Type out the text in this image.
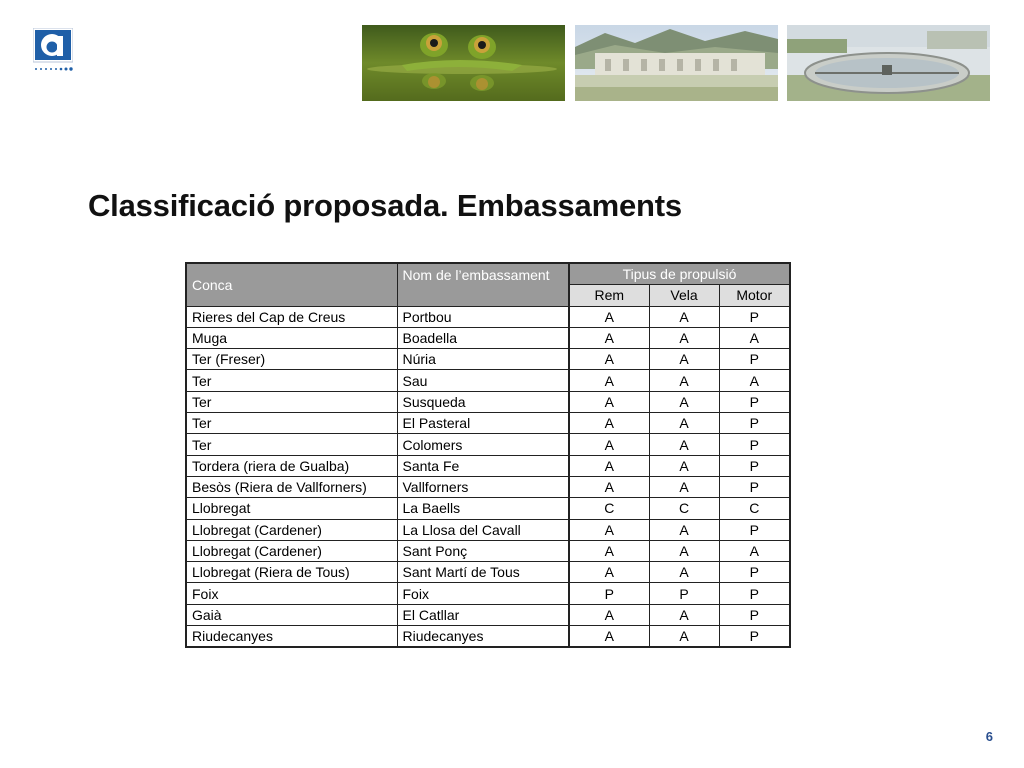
Classificació proposada. Embassaments
Conca	Nom de l’embassament	Tipus de propulsió		
		Rem	Vela	Motor
Rieres del Cap de Creus	Portbou	A	A	P
Muga	Boadella	A	A	A
Ter (Freser)	Núria	A	A	P
Ter	Sau	A	A	A
Ter	Susqueda	A	A	P
Ter	El Pasteral	A	A	P
Ter	Colomers	A	A	P
Tordera (riera de Gualba)	Santa Fe	A	A	P
Besòs (Riera de Vallforners)	Vallforners	A	A	P
Llobregat	La Baells	C	C	C
Llobregat (Cardener)	La Llosa del Cavall	A	A	P
Llobregat (Cardener)	Sant Ponç	A	A	A
Llobregat (Riera de Tous)	Sant Martí de Tous	A	A	P
Foix	Foix	P	P	P
Gaià	El Catllar	A	A	P
Riudecanyes	Riudecanyes	A	A	P
6
